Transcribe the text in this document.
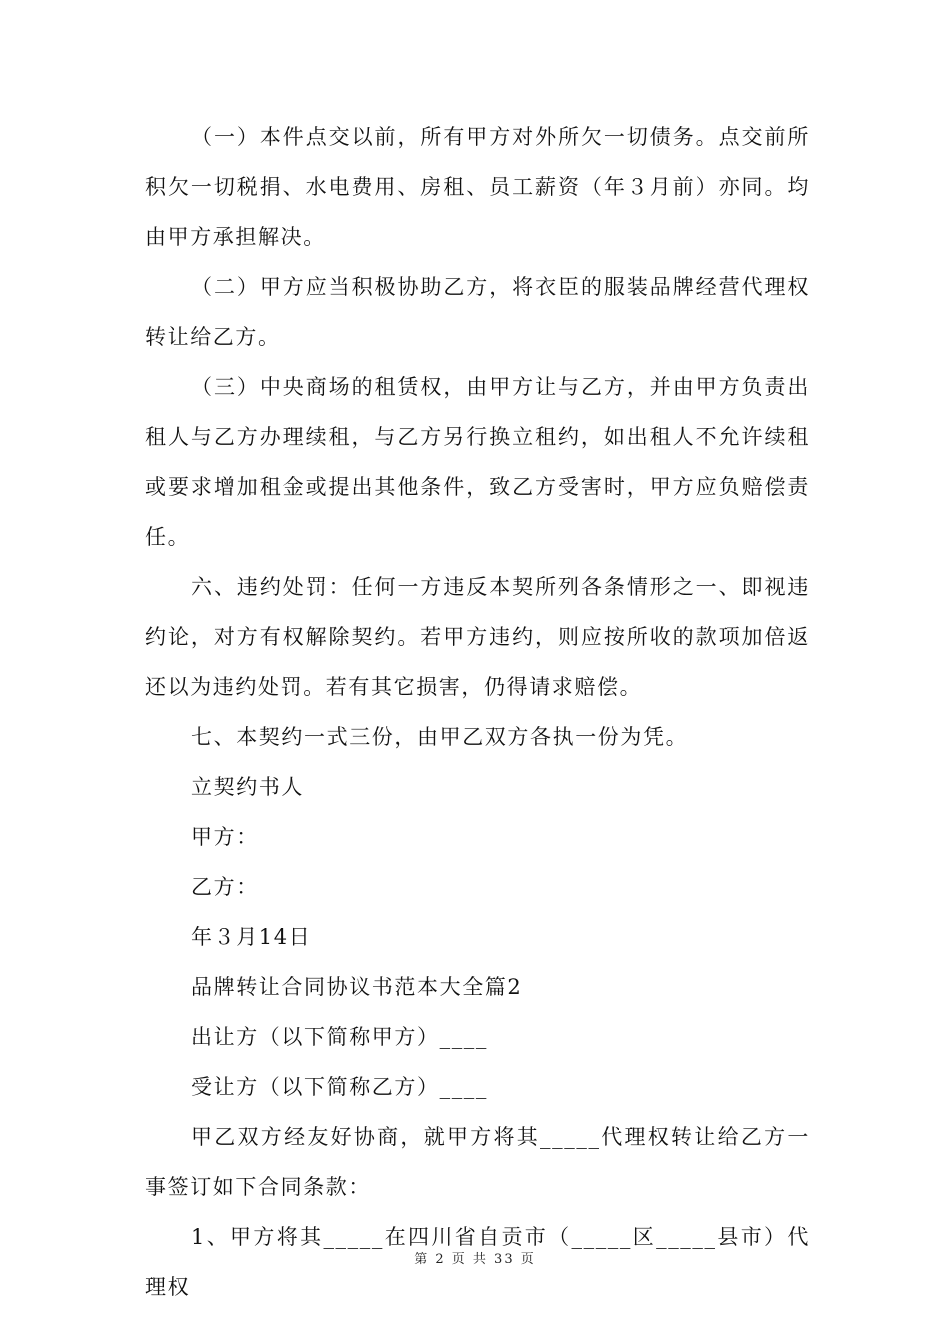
（一）本件点交以前，所有甲方对外所欠一切债务。点交前所积欠一切税捐、水电费用、房租、员工薪资（年３月前）亦同。均由甲方承担解决。

（二）甲方应当积极协助乙方，将衣臣的服装品牌经营代理权转让给乙方。

（三）中央商场的租赁权，由甲方让与乙方，并由甲方负责出租人与乙方办理续租，与乙方另行换立租约，如出租人不允许续租或要求增加租金或提出其他条件，致乙方受害时，甲方应负赔偿责任。

六、违约处罚：任何一方违反本契所列各条情形之一、即视违约论，对方有权解除契约。若甲方违约，则应按所收的款项加倍返还以为违约处罚。若有其它损害，仍得请求赔偿。

七、本契约一式三份，由甲乙双方各执一份为凭。

立契约书人
甲方：
乙方：
年３月14日
品牌转让合同协议书范本大全篇2
出让方（以下简称甲方）____
受让方（以下简称乙方）____

甲乙双方经友好协商，就甲方将其_____代理权转让给乙方一事签订如下合同条款：

1、甲方将其_____在四川省自贡市（_____区_____县市）代理权

第 2 页 共 33 页
